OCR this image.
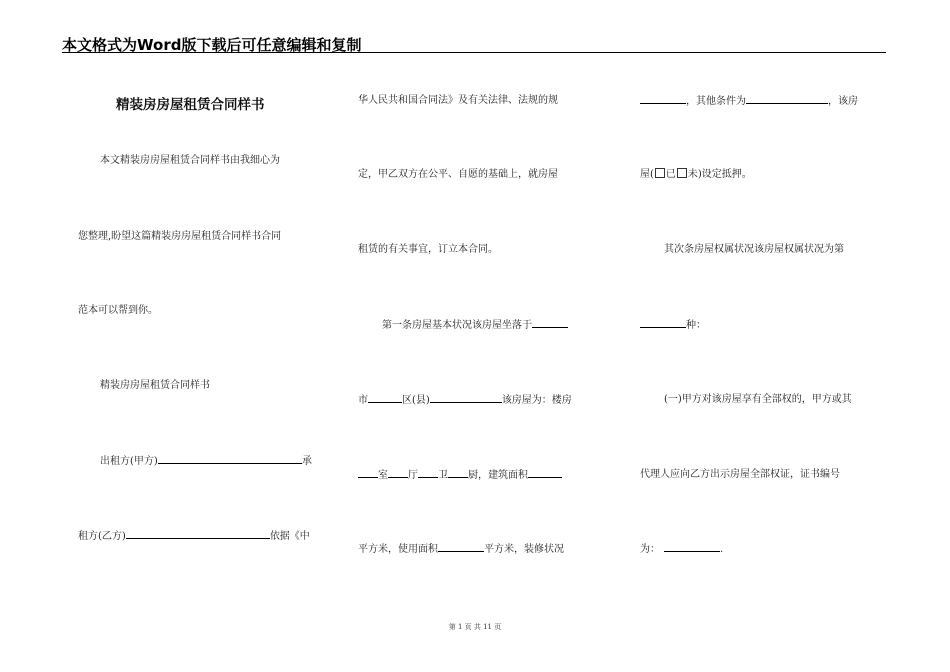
本文格式为Word版下载后可任意编辑和复制
精装房房屋租赁合同样书
本文精装房房屋租赁合同样书由我细心为
您整理,盼望这篇精装房房屋租赁合同样书合同
范本可以帮到你。
精装房房屋租赁合同样书
出租方(甲方)	承
租方(乙方)	依据《中
华人民共和国合同法》及有关法律、法规的规
定，甲乙双方在公平、自愿的基础上，就房屋
租赁的有关事宜，订立本合同。
第一条房屋基本状况该房屋坐落于
市	区(县)	该房屋为：楼房
室 厅 卫 厨，建筑面积
平方米，使用面积	平方米，装修状况
，其他条件为	，该房
屋( 已 未)设定抵押。
其次条房屋权属状况该房屋权属状况为第
种：
(一)甲方对该房屋享有全部权的，甲方或其
代理人应向乙方出示房屋全部权证，证书编号
为：	.
第 1 页 共 11 页
